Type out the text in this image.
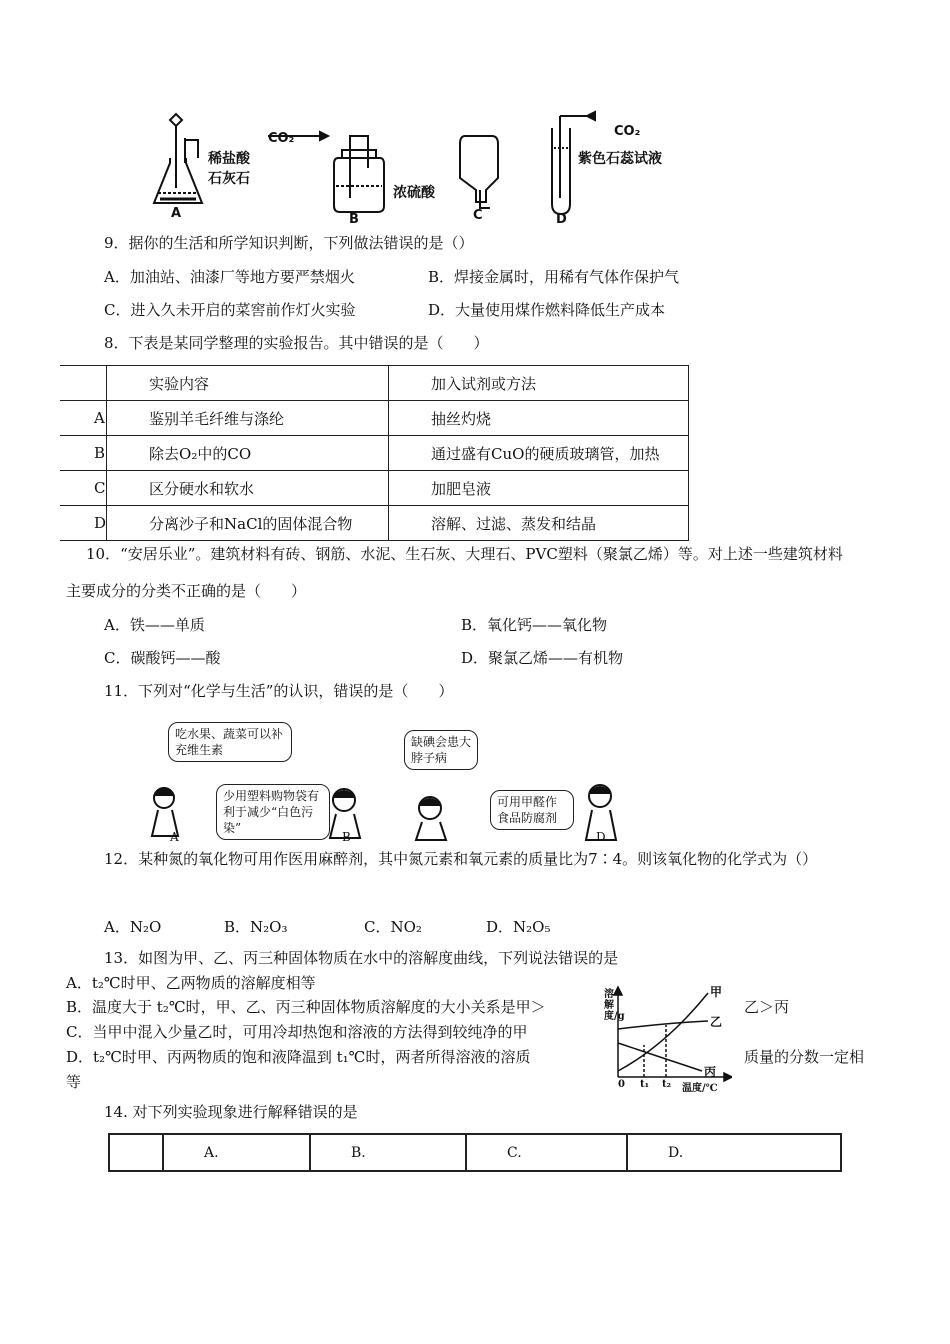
稀盐酸
石灰石
A
CO₂
浓硫酸
B	C
CO₂
紫色石蕊试液
D
9．据你的生活和所学知识判断，下列做法错误的是（）
A．加油站、油漆厂等地方要严禁烟火	B．焊接金属时，用稀有气体作保护气
C．进入久未开启的菜窖前作灯火实验	D．大量使用煤作燃料降低生产成本
8．下表是某同学整理的实验报告。其中错误的是（　　）
	实验内容	加入试剂或方法
A	鉴别羊毛纤维与涤纶	抽丝灼烧
B	除去O₂中的CO	通过盛有CuO的硬质玻璃管，加热
C	区分硬水和软水	加肥皂液
D	分离沙子和NaCl的固体混合物	溶解、过滤、蒸发和结晶
10．“安居乐业”。建筑材料有砖、钢筋、水泥、生石灰、大理石、PVC塑料（聚氯乙烯）等。对上述一些建筑材料
主要成分的分类不正确的是（　　）
A．铁——单质	B．氧化钙——氧化物
C．碳酸钙——酸	D．聚氯乙烯——有机物
11．下列对“化学与生活”的认识，错误的是（　　）
吃水果、蔬菜可以补充维生素
少用塑料购物袋有利于减少“白色污染”
缺碘会患大脖子病
可用甲醛作食品防腐剂
A	B	D
12．某种氮的氧化物可用作医用麻醉剂，其中氮元素和氧元素的质量比为7∶4。则该氧化物的化学式为（）
A．N₂O	B．N₂O₃	C．NO₂	D．N₂O₅
13．如图为甲、乙、丙三种固体物质在水中的溶解度曲线，下列说法错误的是
A．t₂℃时甲、乙两物质的溶解度相等
B．温度大于 t₂℃时，甲、乙、丙三种固体物质溶解度的大小关系是甲＞	乙＞丙
C．当甲中混入少量乙时，可用冷却热饱和溶液的方法得到较纯净的甲
D．t₂℃时甲、丙两物质的饱和液降温到 t₁℃时，两者所得溶液的溶质	质量的分数一定相
等
溶解度/g
甲
乙
丙
0 t₁ t₂ 温度/℃
14. 对下列实验现象进行解释错误的是
	A.	B.	C.	D.
